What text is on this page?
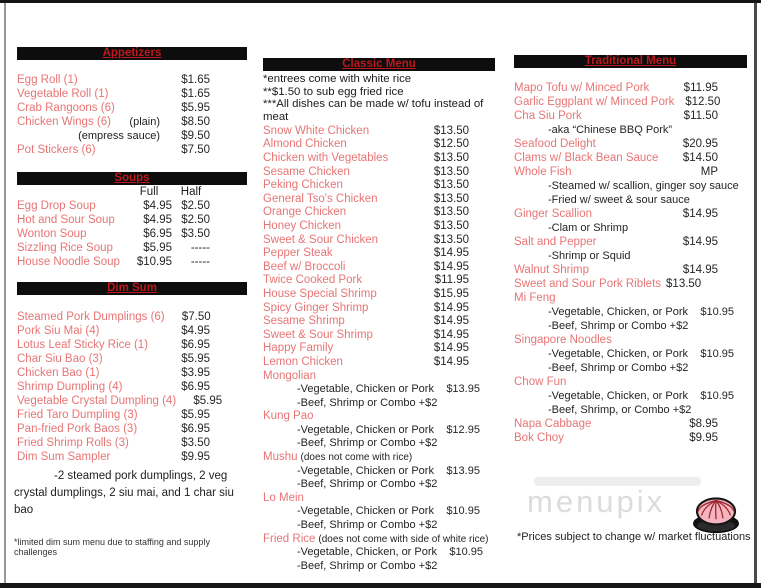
Appetizers
Egg Roll (1)	$1.65
Vegetable Roll (1)	$1.65
Crab Rangoons (6)	$5.95
Chicken Wings (6) (plain)	$8.50
(empress sauce)	$9.50
Pot Stickers (6)	$7.50
Soups
Full	Half
Egg Drop Soup	$4.95 $2.50
Hot and Sour Soup	$4.95 $2.50
Wonton Soup	$6.95 $3.50
Sizzling Rice Soup	$5.95	-----
House Noodle Soup	$10.95	-----
Dim Sum
Steamed Pork Dumplings (6)	$7.50
Pork Siu Mai (4)	$4.95
Lotus Leaf Sticky Rice (1)	$6.95
Char Siu Bao (3)	$5.95
Chicken Bao (1)	$3.95
Shrimp Dumpling (4)	$6.95
Vegetable Crystal Dumpling (4)	$5.95
Fried Taro Dumpling (3)	$5.95
Pan-fried Pork Baos (3)	$6.95
Fried Shrimp Rolls (3)	$3.50
Dim Sum Sampler	$9.95

-2 steamed pork dumplings, 2 veg crystal dumplings, 2 siu mai, and 1 char siu bao

*limited dim sum menu due to staffing and supply challenges

Classic Menu

*entrees come with white rice

**$1.50 to sub egg fried rice

***All dishes can be made w/ tofu instead of meat

Snow White Chicken	$13.50
Almond Chicken	$12.50
Chicken with Vegetables	$13.50
Sesame Chicken	$13.50
Peking Chicken	$13.50
General Tso's Chicken	$13.50
Orange Chicken	$13.50
Honey Chicken	$13.50
Sweet & Sour Chicken	$13.50
Pepper Steak	$14.95
Beef w/ Broccoli	$14.95
Twice Cooked Pork	$11.95
House Special Shrimp	$15.95
Spicy Ginger Shrimp	$14.95
Sesame Shrimp	$14.95
Sweet & Sour Shrimp	$14.95
Happy Family	$14.95
Lemon Chicken	$14.95
Mongolian
-Vegetable, Chicken or Pork	$13.95
-Beef, Shrimp or Combo +$2
Kung Pao
-Vegetable, Chicken or Pork	$12.95
-Beef, Shrimp or Combo +$2
Mushu (does not come with rice)
-Vegetable, Chicken or Pork	$13.95
-Beef, Shrimp or Combo +$2
Lo Mein
-Vegetable, Chicken or Pork	$10.95
-Beef, Shrimp or Combo +$2
Fried Rice (does not come with side of white rice)
-Vegetable, Chicken, or Pork	$10.95
-Beef, Shrimp or Combo +$2
Traditional Menu
Mapo Tofu w/ Minced Pork	$11.95
Garlic Eggplant w/ Minced Pork $12.50
Cha Siu Pork	$11.50
-aka “Chinese BBQ Pork”
Seafood Delight	$20.95
Clams w/ Black Bean Sauce	$14.50
Whole Fish	MP
-Steamed w/ scallion, ginger soy sauce
-Fried w/ sweet & sour sauce
Ginger Scallion	$14.95
-Clam or Shrimp
Salt and Pepper	$14.95
-Shrimp or Squid
Walnut Shrimp	$14.95
Sweet and Sour Pork Riblets $13.50
Mi Feng
-Vegetable, Chicken, or Pork	$10.95
-Beef, Shrimp or Combo +$2
Singapore Noodles
-Vegetable, Chicken, or Pork	$10.95
-Beef, Shrimp or Combo +$2
Chow Fun
-Vegetable, Chicken, or Pork	$10.95
-Beef, Shrimp, or Combo +$2
Napa Cabbage	$8.95
Bok Choy	$9.95
menupix
*Prices subject to change w/ market fluctuations
